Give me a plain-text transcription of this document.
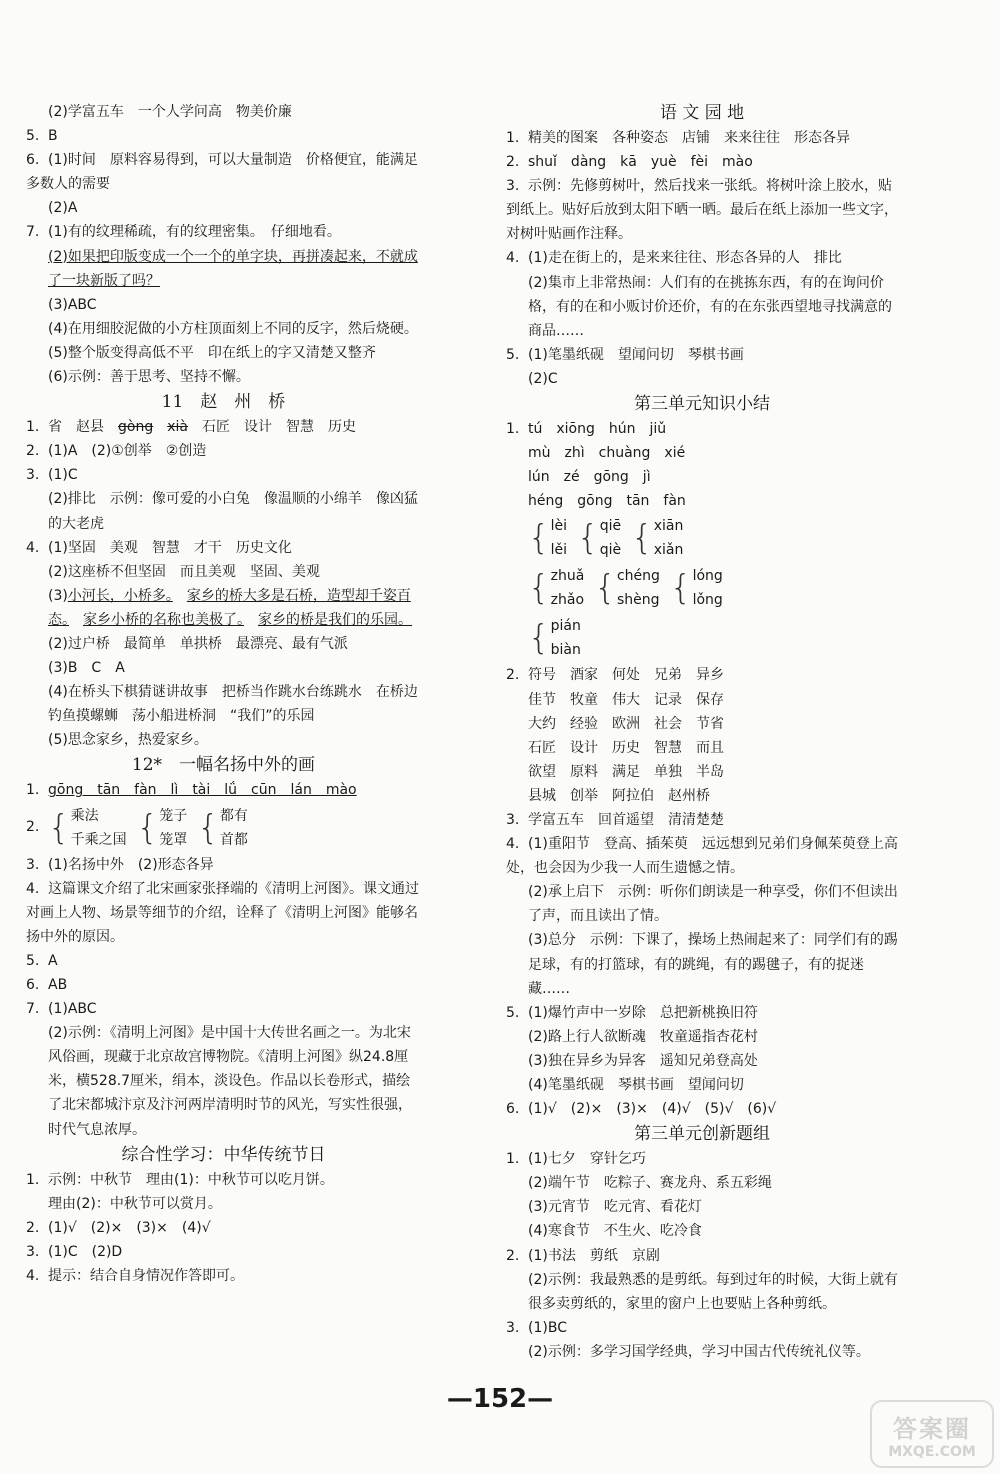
(2)学富五车　一个人学问高　物美价廉
5. B
6. (1)时间　原料容易得到，可以大量制造　价格便宜，能满足多数人的需要
(2)A
7. (1)有的纹理稀疏，有的纹理密集。　仔细地看。
(2)如果把印版变成一个一个的单字块，再拼凑起来，不就成了一块新版了吗？
(3)ABC
(4)在用细胶泥做的小方柱顶面刻上不同的反字，然后烧硬。
(5)整个版变得高低不平　印在纸上的字又清楚又整齐
(6)示例：善于思考、坚持不懈。
11　赵　州　桥
1. 省　赵县　gòng　 xià　石匠　设计　智慧　历史
2. (1)A　(2)①创举　②创造
3. (1)C
(2)排比　示例：像可爱的小白兔　像温顺的小绵羊　像凶猛的大老虎
4. (1)坚固　美观　智慧　才干　历史文化
(2)这座桥不但坚固　而且美观　坚固、美观
(3)小河长，小桥多。　 家乡的桥大多是石桥，造型却千姿百态。　 家乡小桥的名称也美极了。　 家乡的桥是我们的乐园。
(2)过户桥　最简单　单拱桥　最漂亮、最有气派
(3)B　C　A
(4)在桥头下棋猜谜讲故事　把桥当作跳水台练跳水　在桥边钓鱼摸螺蛳　荡小船进桥洞　“我们”的乐园
(5)思念家乡，热爱家乡。
12*　一幅名扬中外的画
1. gōng　tān　fàn　lì　tài　lǘ　cūn　lán　mào
2. { 乘法
千乘之国 { 笼子
笼罩 { 都有
首都
3. (1)名扬中外　(2)形态各异
4. 这篇课文介绍了北宋画家张择端的《清明上河图》。课文通过对画上人物、场景等细节的介绍，诠释了《清明上河图》能够名扬中外的原因。
5. A
6. AB
7. (1)ABC
(2)示例：《清明上河图》是中国十大传世名画之一。为北宋风俗画，现藏于北京故宫博物院。《清明上河图》纵24.8厘米，横528.7厘米，绢本，淡设色。作品以长卷形式，描绘了北宋都城汴京及汴河两岸清明时节的风光，写实性很强，时代气息浓厚。
综合性学习：中华传统节日
1. 示例：中秋节　理由(1)：中秋节可以吃月饼。
理由(2)：中秋节可以赏月。
2. (1)√　(2)×　(3)×　(4)√
3. (1)C　(2)D
4. 提示：结合自身情况作答即可。
语 文 园 地
1. 精美的图案　各种姿态　店铺　来来往往　形态各异
2. shuǐ　dàng　kā　yuè　fèi　mào
3. 示例：先修剪树叶，然后找来一张纸。将树叶涂上胶水，贴到纸上。贴好后放到太阳下晒一晒。最后在纸上添加一些文字，对树叶贴画作注释。
4. (1)走在街上的，是来来往往、形态各异的人　排比
(2)集市上非常热闹：人们有的在挑拣东西，有的在询问价格，有的在和小贩讨价还价，有的在东张西望地寻找满意的商品……
5. (1)笔墨纸砚　望闻问切　琴棋书画
(2)C
第三单元知识小结
1. tú　xiōng　hún　jiǔ
mù　zhì　chuàng　xié
lún　zé　gōng　jì
héng　gōng　tān　fàn
{ lèi
lěi { qiē
qiè { xiān
xiǎn
{ zhuǎ
zhǎo { chéng
shèng { lóng
lǒng
{ pián
biàn
2. 符号　酒家　何处　兄弟　异乡
佳节　牧童　伟大　记录　保存
大约　经验　欧洲　社会　节省
石匠　设计　历史　智慧　而且
欲望　原料　满足　单独　半岛
县城　创举　阿拉伯　赵州桥
3. 学富五车　回首遥望　清清楚楚
4. (1)重阳节　登高、插茱萸　远远想到兄弟们身佩茱萸登上高处，也会因为少我一人而生遗憾之情。
(2)承上启下　示例：听你们朗读是一种享受，你们不但读出了声，而且读出了情。
(3)总分　示例：下课了，操场上热闹起来了：同学们有的踢足球，有的打篮球，有的跳绳，有的踢毽子，有的捉迷藏……
5. (1)爆竹声中一岁除　总把新桃换旧符
(2)路上行人欲断魂　牧童遥指杏花村
(3)独在异乡为异客　遥知兄弟登高处
(4)笔墨纸砚　琴棋书画　望闻问切
6. (1)√　(2)×　(3)×　(4)√　(5)√　(6)√
第三单元创新题组
1. (1)七夕　穿针乞巧
(2)端午节　吃粽子、赛龙舟、系五彩绳
(3)元宵节　吃元宵、看花灯
(4)寒食节　不生火、吃冷食
2. (1)书法　剪纸　京剧
(2)示例：我最熟悉的是剪纸。每到过年的时候，大街上就有很多卖剪纸的，家里的窗户上也要贴上各种剪纸。
3. (1)BC
(2)示例：多学习国学经典，学习中国古代传统礼仪等。
—152—
答案圈
MXQE.COM
